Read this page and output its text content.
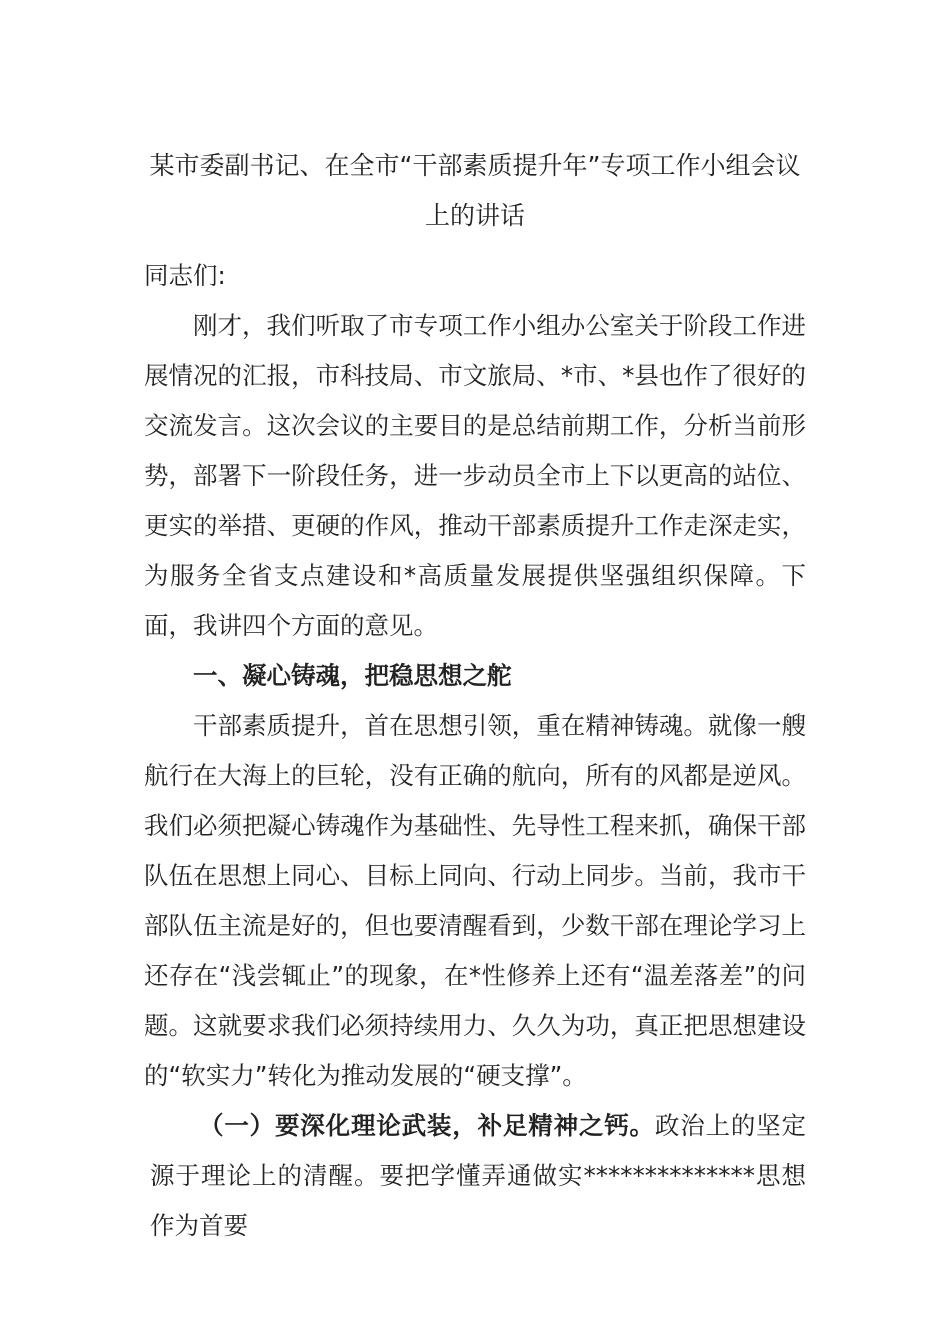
某市委副书记、在全市“干部素质提升年”专项工作小组会议上的讲话

同志们:

刚才，我们听取了市专项工作小组办公室关于阶段工作进展情况的汇报，市科技局、市文旅局、*市、*县也作了很好的交流发言。这次会议的主要目的是总结前期工作，分析当前形势，部署下一阶段任务，进一步动员全市上下以更高的站位、更实的举措、更硬的作风，推动干部素质提升工作走深走实，为服务全省支点建设和*高质量发展提供坚强组织保障。下面，我讲四个方面的意见。

一、凝心铸魂，把稳思想之舵

干部素质提升，首在思想引领，重在精神铸魂。就像一艘航行在大海上的巨轮，没有正确的航向，所有的风都是逆风。我们必须把凝心铸魂作为基础性、先导性工程来抓，确保干部队伍在思想上同心、目标上同向、行动上同步。当前，我市干部队伍主流是好的，但也要清醒看到，少数干部在理论学习上还存在“浅尝辄止”的现象，在*性修养上还有“温差落差”的问题。这就要求我们必须持续用力、久久为功，真正把思想建设的“软实力”转化为推动发展的“硬支撑”。

（一）要深化理论武装，补足精神之钙。政治上的坚定源于理论上的清醒。要把学懂弄通做实**************思想作为首要
